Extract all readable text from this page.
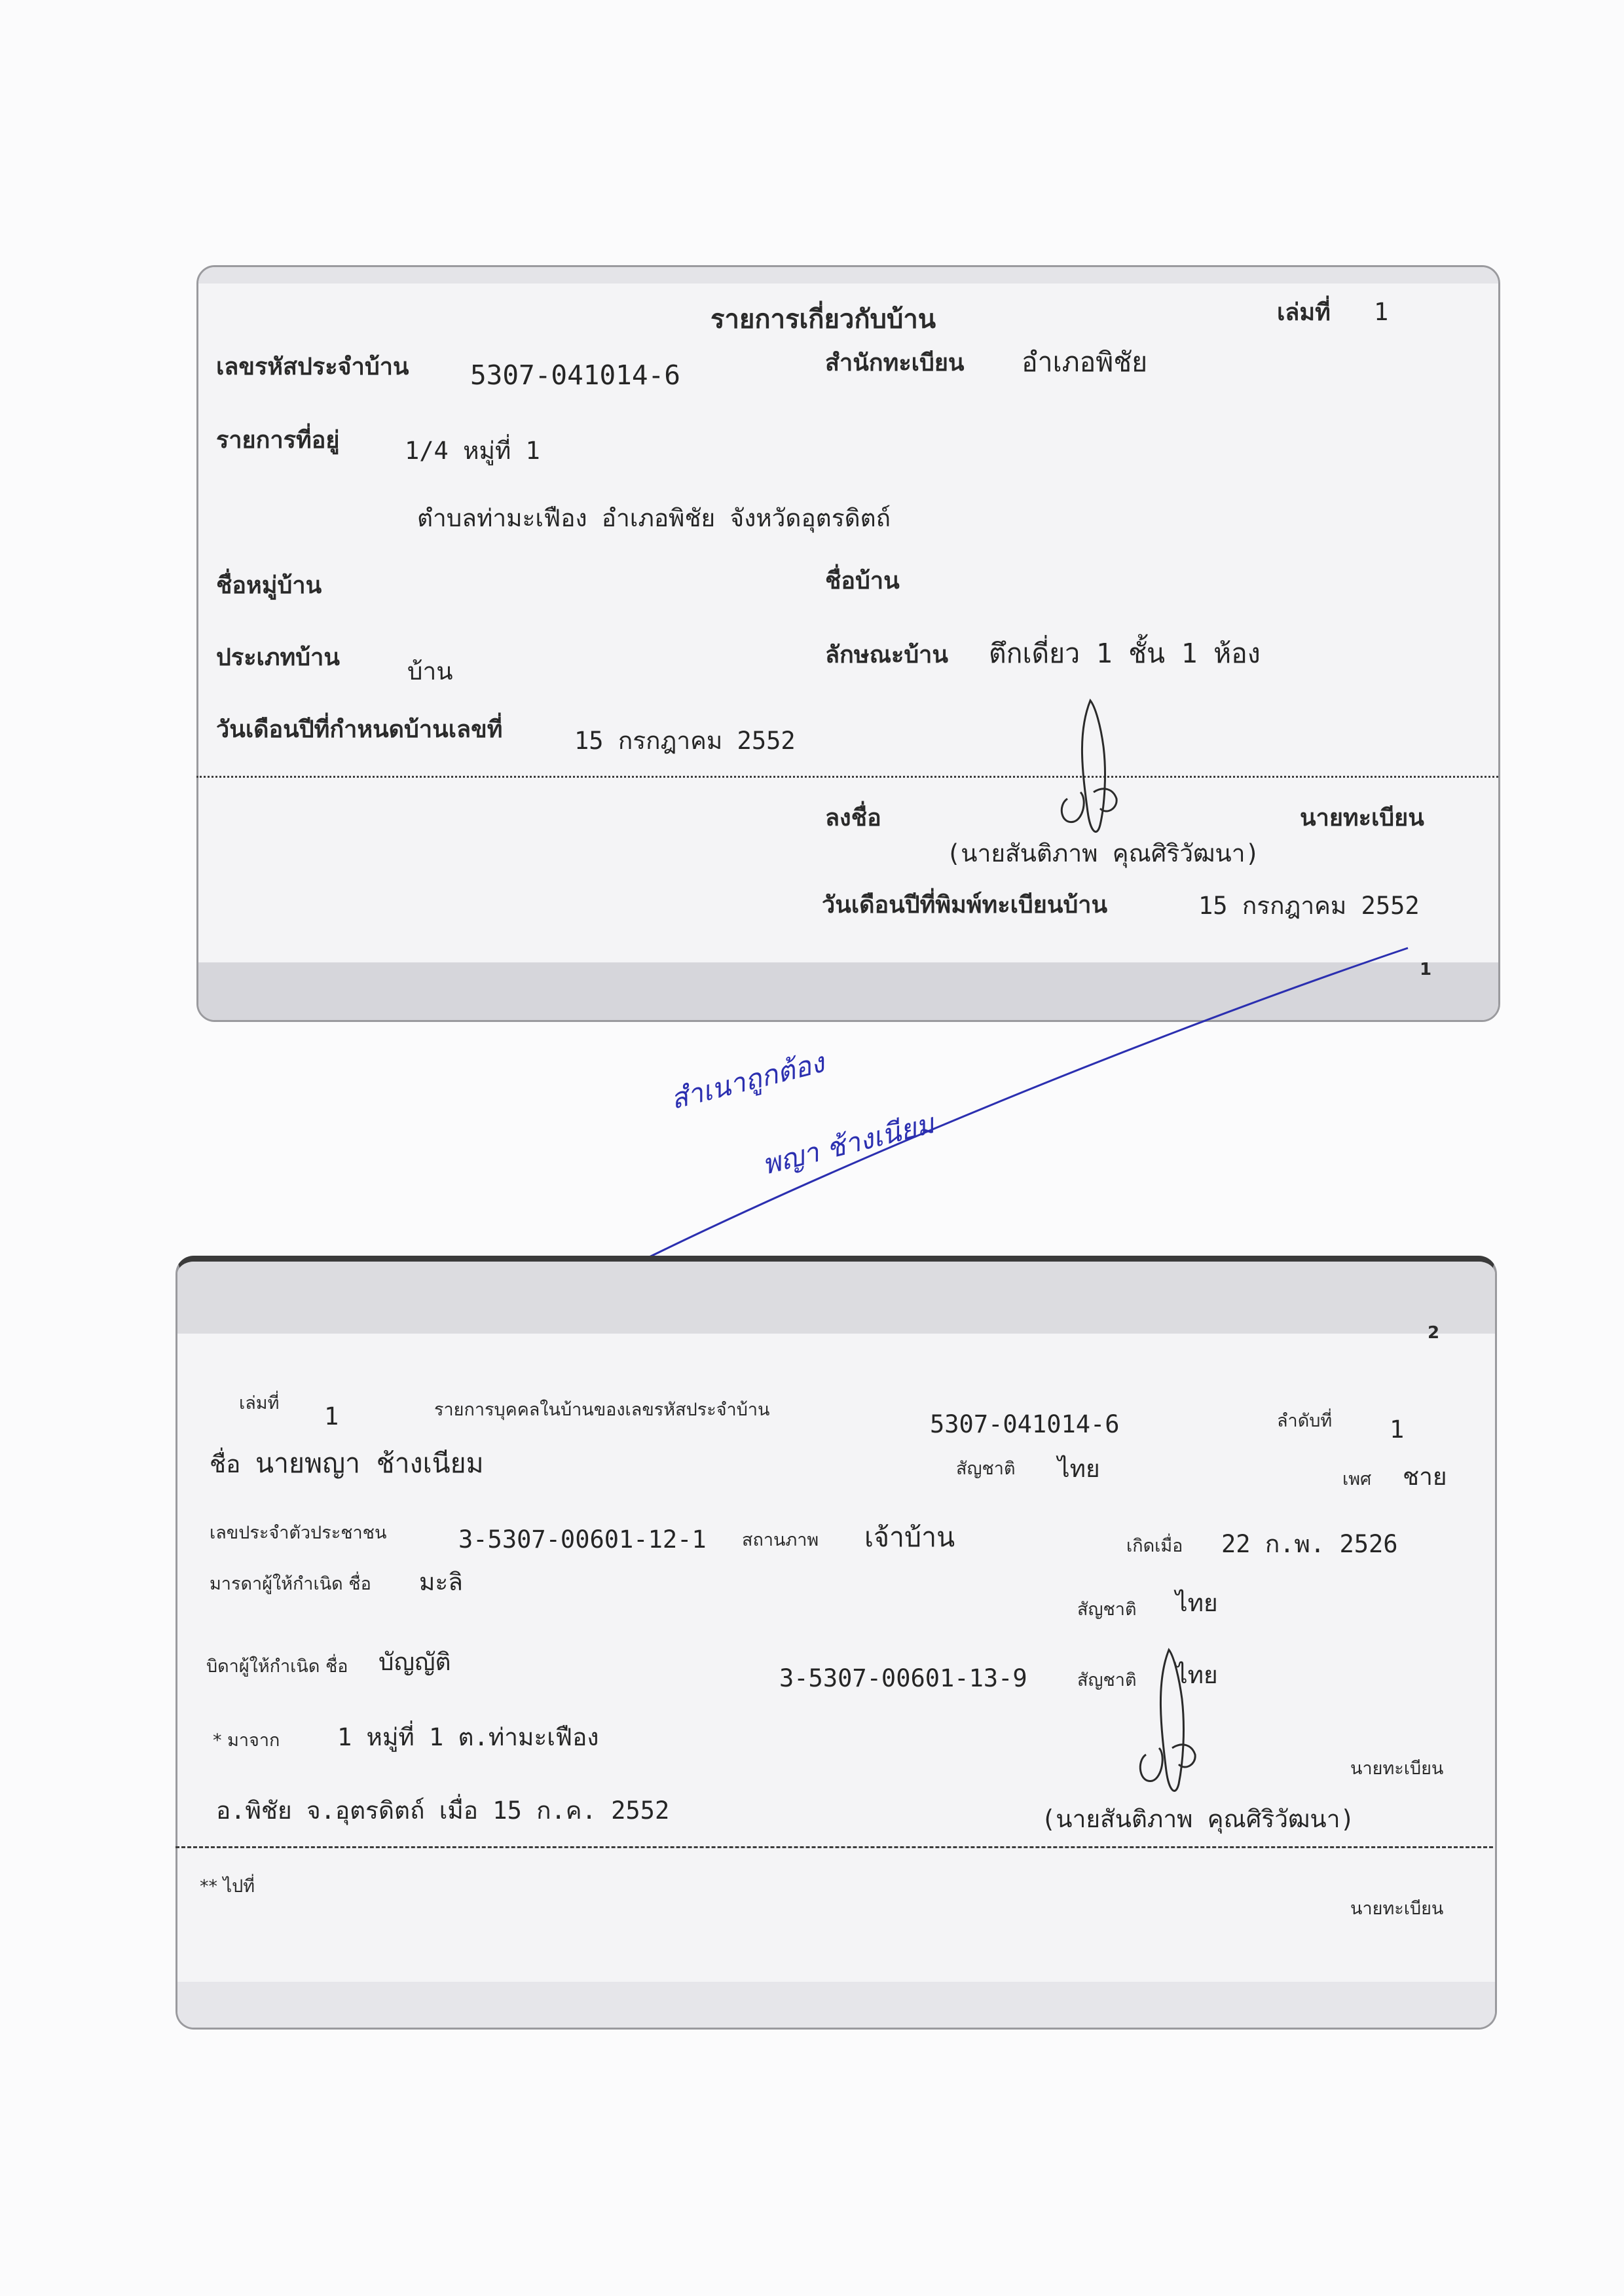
รายการเกี่ยวกับบ้าน	เล่มที่ 1
เลขรหัสประจำบ้าน 5307-041014-6	สำนักทะเบียน อำเภอพิชัย
รายการที่อยู่	1/4 หมู่ที่ 1
ตำบลท่ามะเฟือง อำเภอพิชัย จังหวัดอุตรดิตถ์
ชื่อหมู่บ้าน	ชื่อบ้าน
ประเภทบ้าน	บ้าน
ลักษณะบ้าน ตึกเดี่ยว 1 ชั้น 1 ห้อง
วันเดือนปีที่กำหนดบ้านเลขที่	15 กรกฎาคม 2552
ลงชื่อ	นายทะเบียน
(นายสันติภาพ คุณศิริวัฒนา)
วันเดือนปีที่พิมพ์ทะเบียนบ้าน	15 กรกฎาคม 2552
1
สำเนาถูกต้อง
พญา ช้างเนียม
2
เล่มที่ 1	รายการบุคคลในบ้านของเลขรหัสประจำบ้าน
5307-041014-6	ลำดับที่ 1
ชื่อ นายพญา ช้างเนียม	สัญชาติ ไทย	เพศ ชาย
เลขประจำตัวประชาชน	3-5307-00601-12-1 สถานภาพ เจ้าบ้าน	เกิดเมื่อ 22 ก.พ. 2526
มารดาผู้ให้กำเนิด ชื่อ มะลิ
สัญชาติ ไทย
บิดาผู้ให้กำเนิด ชื่อ บัญญัติ
3-5307-00601-13-9	สัญชาติ ไทย
* มาจาก 1 หมู่ที่ 1 ต.ท่ามะเฟือง
อ.พิชัย จ.อุตรดิตถ์ เมื่อ 15 ก.ค. 2552
นายทะเบียน
(นายสันติภาพ คุณศิริวัฒนา)
** ไปที่
นายทะเบียน
